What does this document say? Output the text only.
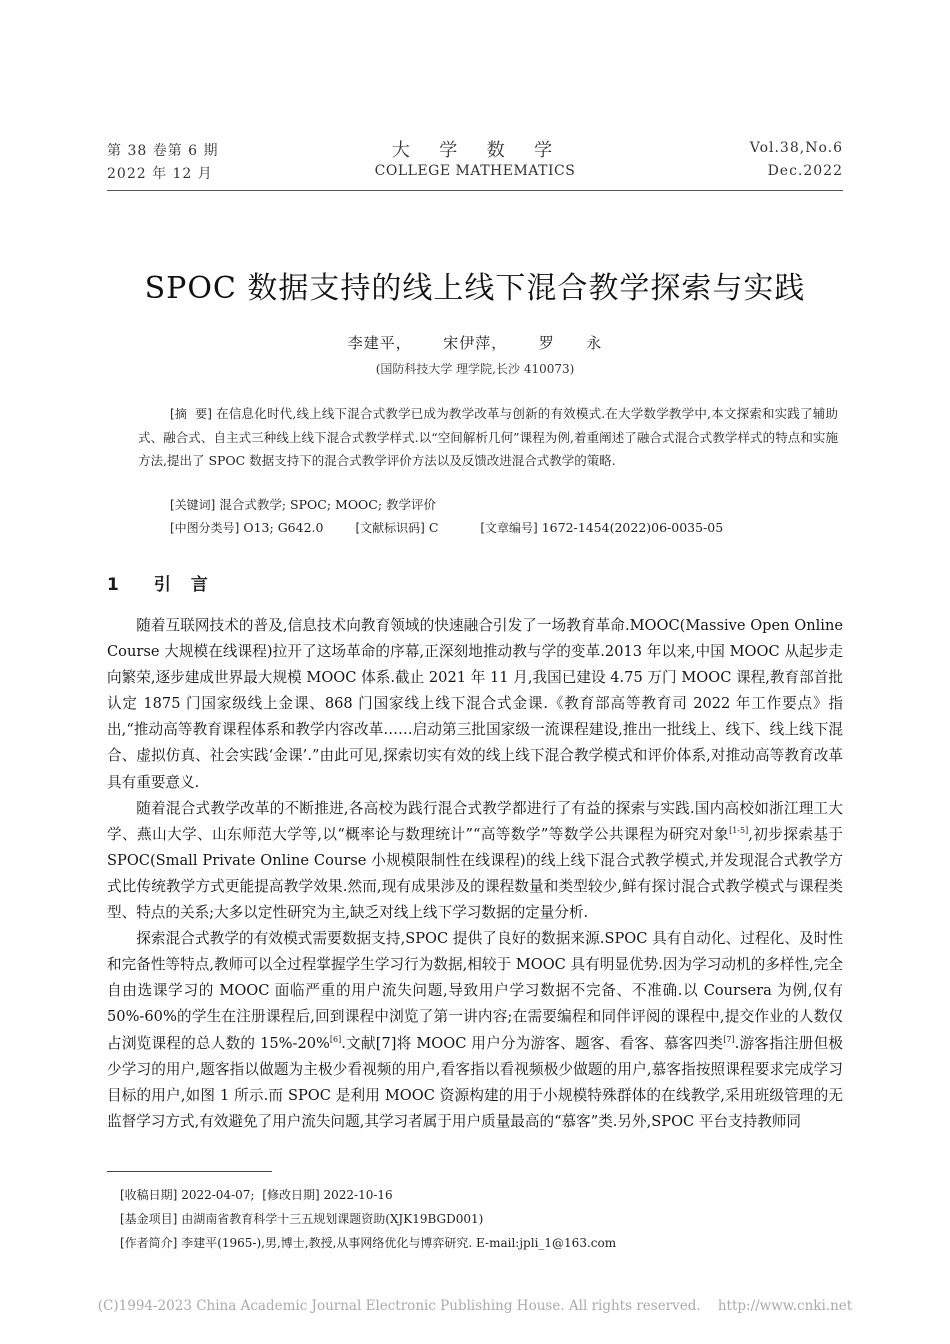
第 38 卷第 6 期
2022 年 12 月
大  学  数  学
COLLEGE MATHEMATICS
Vol.38,No.6
Dec.2022
SPOC 数据支持的线上线下混合教学探索与实践
李建平，  宋伊萍，  罗  永
(国防科技大学 理学院,长沙 410073)
[摘  要] 在信息化时代,线上线下混合式教学已成为教学改革与创新的有效模式.在大学数学教学中,本文探索和实践了辅助式、融合式、自主式三种线上线下混合式教学样式.以“空间解析几何”课程为例,着重阐述了融合式混合式教学样式的特点和实施方法,提出了 SPOC 数据支持下的混合式教学评价方法以及反馈改进混合式教学的策略.
[关键词] 混合式教学; SPOC; MOOC; 教学评价
[中图分类号] O13; G642.0	[文献标识码] C	[文章编号] 1672-1454(2022)06-0035-05
1 引言

随着互联网技术的普及,信息技术向教育领域的快速融合引发了一场教育革命.MOOC(Massive Open Online Course 大规模在线课程)拉开了这场革命的序幕,正深刻地推动教与学的变革.2013 年以来,中国 MOOC 从起步走向繁荣,逐步建成世界最大规模 MOOC 体系.截止 2021 年 11 月,我国已建设 4.75 万门 MOOC 课程,教育部首批认定 1875 门国家级线上金课、868 门国家线上线下混合式金课.《教育部高等教育司 2022 年工作要点》指出,“推动高等教育课程体系和教学内容改革……启动第三批国家级一流课程建设,推出一批线上、线下、线上线下混合、虚拟仿真、社会实践‘金课’.”由此可见,探索切实有效的线上线下混合教学模式和评价体系,对推动高等教育改革具有重要意义.

随着混合式教学改革的不断推进,各高校为践行混合式教学都进行了有益的探索与实践.国内高校如浙江理工大学、燕山大学、山东师范大学等,以“概率论与数理统计”“高等数学”等数学公共课程为研究对象[1-5],初步探索基于 SPOC(Small Private Online Course 小规模限制性在线课程)的线上线下混合式教学模式,并发现混合式教学方式比传统教学方式更能提高教学效果.然而,现有成果涉及的课程数量和类型较少,鲜有探讨混合式教学模式与课程类型、特点的关系;大多以定性研究为主,缺乏对线上线下学习数据的定量分析.

探索混合式教学的有效模式需要数据支持,SPOC 提供了良好的数据来源.SPOC 具有自动化、过程化、及时性和完备性等特点,教师可以全过程掌握学生学习行为数据,相较于 MOOC 具有明显优势.因为学习动机的多样性,完全自由选课学习的 MOOC 面临严重的用户流失问题,导致用户学习数据不完备、不准确.以 Coursera 为例,仅有 50%-60%的学生在注册课程后,回到课程中浏览了第一讲内容;在需要编程和同伴评阅的课程中,提交作业的人数仅占浏览课程的总人数的 15%-20%[6].文献[7]将 MOOC 用户分为游客、题客、看客、慕客四类[7].游客指注册但极少学习的用户,题客指以做题为主极少看视频的用户,看客指以看视频极少做题的用户,慕客指按照课程要求完成学习目标的用户,如图 1 所示.而 SPOC 是利用 MOOC 资源构建的用于小规模特殊群体的在线教学,采用班级管理的无监督学习方式,有效避免了用户流失问题,其学习者属于用户质量最高的“慕客”类.另外,SPOC 平台支持教师同

[收稿日期] 2022-04-07; [修改日期] 2022-10-16
[基金项目] 由湖南省教育科学十三五规划课题资助(XJK19BGD001)
[作者简介] 李建平(1965-),男,博士,教授,从事网络优化与博弈研究. E-mail:jpli_1@163.com
(C)1994-2023 China Academic Journal Electronic Publishing House. All rights reserved.    http://www.cnki.net
